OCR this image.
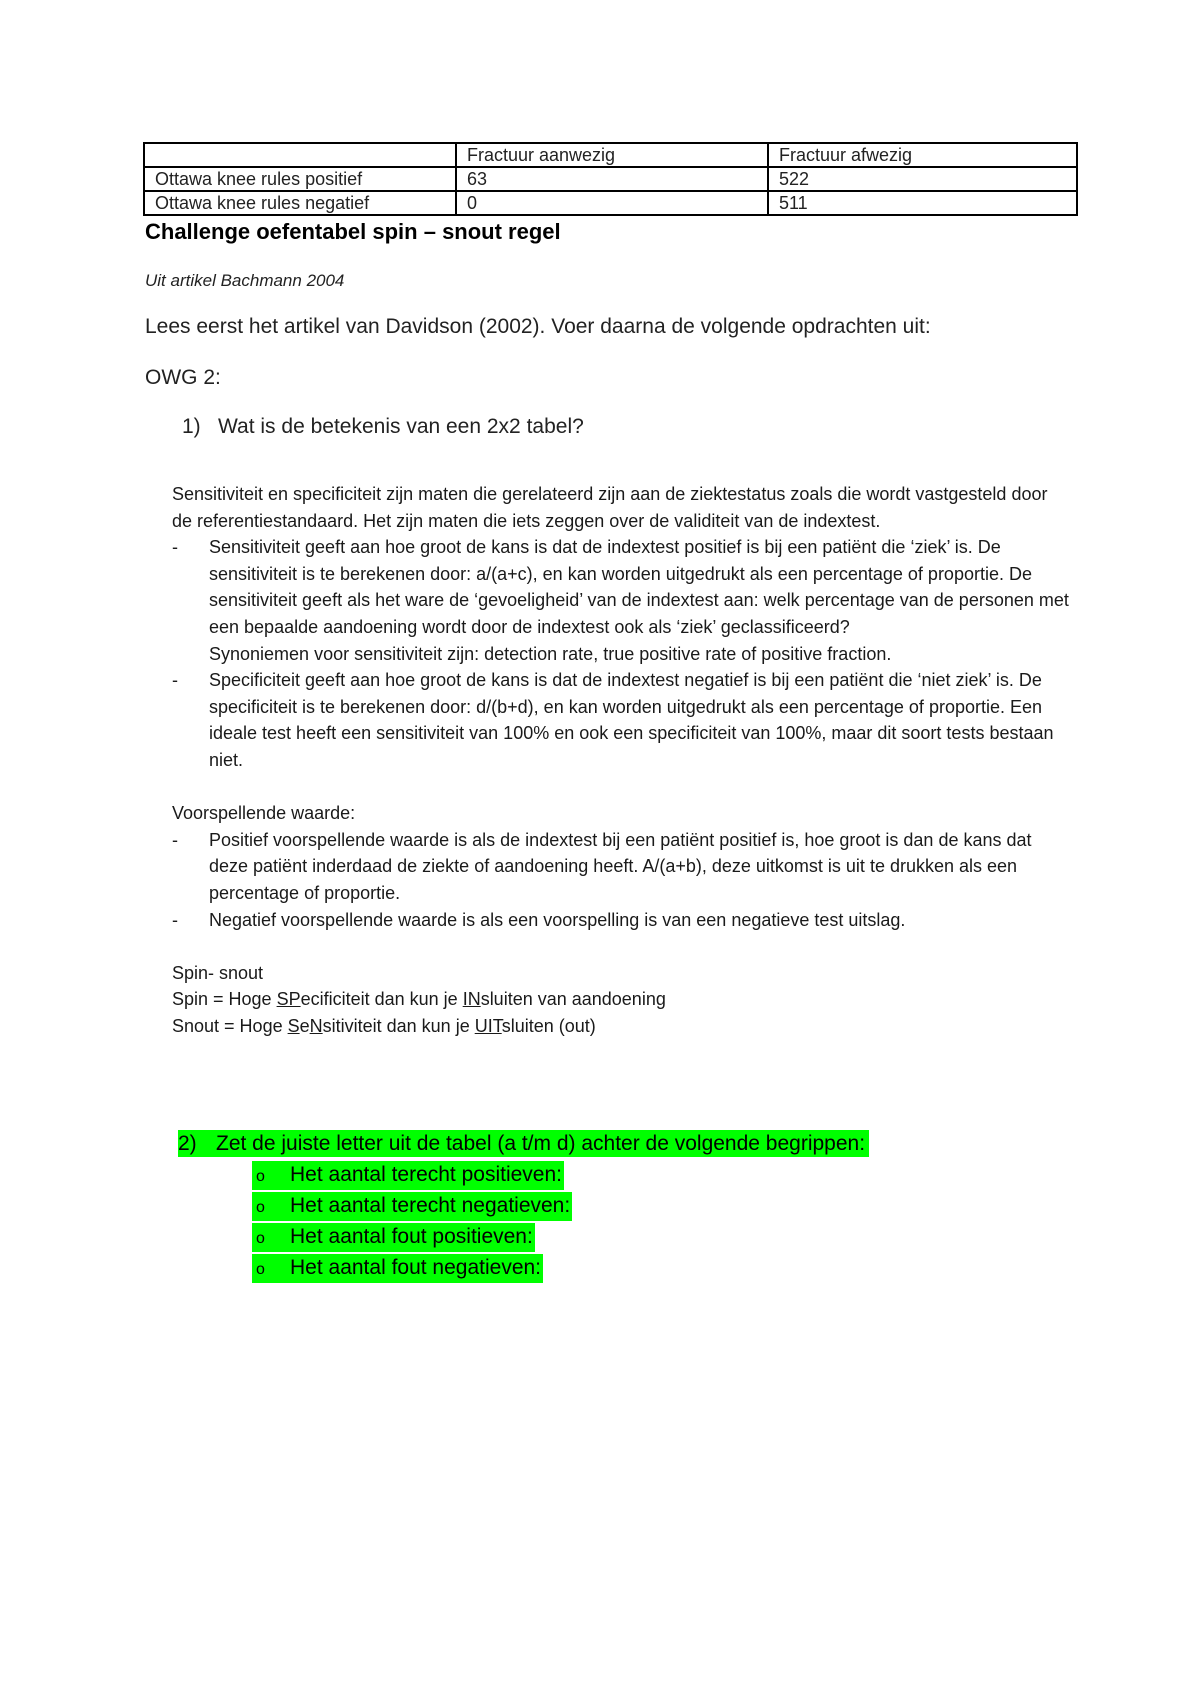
	Fractuur aanwezig	Fractuur afwezig
Ottawa knee rules positief	63	522
Ottawa knee rules negatief	0	511
Challenge oefentabel spin – snout regel
Uit artikel Bachmann 2004
Lees eerst het artikel van Davidson (2002). Voer daarna de volgende opdrachten uit:
OWG 2:
1) Wat is de betekenis van een 2x2 tabel?

Sensitiviteit en specificiteit zijn maten die gerelateerd zijn aan de ziektestatus zoals die wordt vastgesteld door de referentiestandaard. Het zijn maten die iets zeggen over de validiteit van de indextest.

- Sensitiviteit geeft aan hoe groot de kans is dat de indextest positief is bij een patiënt die ‘ziek’ is. De sensitiviteit is te berekenen door: a/(a+c), en kan worden uitgedrukt als een percentage of proportie. De sensitiviteit geeft als het ware de ‘gevoeligheid’ van de indextest aan: welk percentage van de personen met een bepaalde aandoening wordt door de indextest ook als ‘ziek’ geclassificeerd?

Synoniemen voor sensitiviteit zijn: detection rate, true positive rate of positive fraction.

- Specificiteit geeft aan hoe groot de kans is dat de indextest negatief is bij een patiënt die ‘niet ziek’ is. De specificiteit is te berekenen door: d/(b+d), en kan worden uitgedrukt als een percentage of proportie. Een ideale test heeft een sensitiviteit van 100% en ook een specificiteit van 100%, maar dit soort tests bestaan niet.

Voorspellende waarde:

- Positief voorspellende waarde is als de indextest bij een patiënt positief is, hoe groot is dan de kans dat deze patiënt inderdaad de ziekte of aandoening heeft. A/(a+b), deze uitkomst is uit te drukken als een percentage of proportie.

- Negatief voorspellende waarde is als een voorspelling is van een negatieve test uitslag.

Spin- snout

Spin = Hoge SPecificiteit dan kun je INsluiten van aandoening

Snout = Hoge SeNsitiviteit dan kun je UITsluiten (out)

2) Zet de juiste letter uit de tabel (a t/m d) achter de volgende begrippen:
o Het aantal terecht positieven:
o Het aantal terecht negatieven:
o Het aantal fout positieven:
o Het aantal fout negatieven:
